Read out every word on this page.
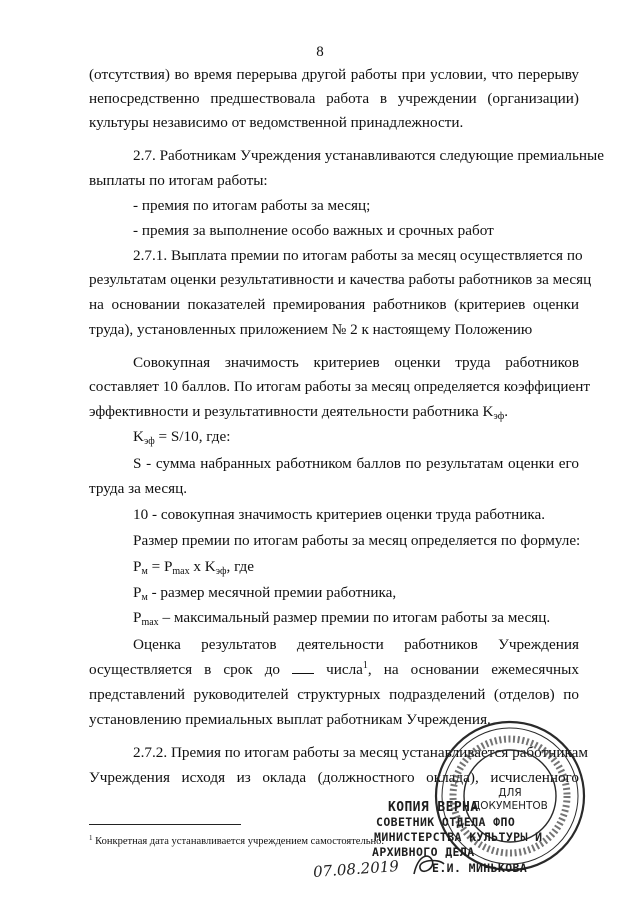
8
(отсутствия) во время перерыва другой работы при условии, что перерыву
непосредственно предшествовала работа в учреждении (организации)
культуры независимо от ведомственной принадлежности.
2.7. Работникам Учреждения устанавливаются следующие премиальные
выплаты по итогам работы:
- премия по итогам работы за месяц;
- премия за выполнение особо важных и срочных работ
2.7.1. Выплата премии по итогам работы за месяц осуществляется по
результатам оценки результативности и качества работы работников за месяц
на основании показателей премирования работников (критериев оценки
труда), установленных приложением № 2 к настоящему Положению
Совокупная значимость критериев оценки труда работников
составляет 10 баллов. По итогам работы за месяц определяется коэффициент
эффективности и результативности деятельности работника $K_{эф}$.
$K_{эф} = S/10$, где:
S - сумма набранных работником баллов по результатам оценки его
труда за месяц.
10 - совокупная значимость критериев оценки труда работника.
Размер премии по итогам работы за месяц определяется по формуле:
$P_м = P_{max}$ x $K_{эф}$, где
$P_м$ - размер месячной премии работника,
$P_{max}$ – максимальный размер премии по итогам работы за месяц.
Оценка результатов деятельности работников Учреждения
осуществляется в срок до	числа$^1$, на основании ежемесячных
представлений руководителей структурных подразделений (отделов) по
установлению премиальных выплат работникам Учреждения.
2.7.2. Премия по итогам работы за месяц устанавливается работникам
Учреждения исходя из оклада (должностного оклада), исчисленного
$^1$ Конкретная дата устанавливается учреждением самостоятельно.
ДЛЯ
ДОКУМЕНТОВ
КОПИЯ ВЕРНА
СОВЕТНИК ОТДЕЛА ФПО
МИНИСТЕРСТВА КУЛЬТУРЫ И
АРХИВНОГО ДЕЛА
Е.И. МИНЬКОВА
07.08.2019
